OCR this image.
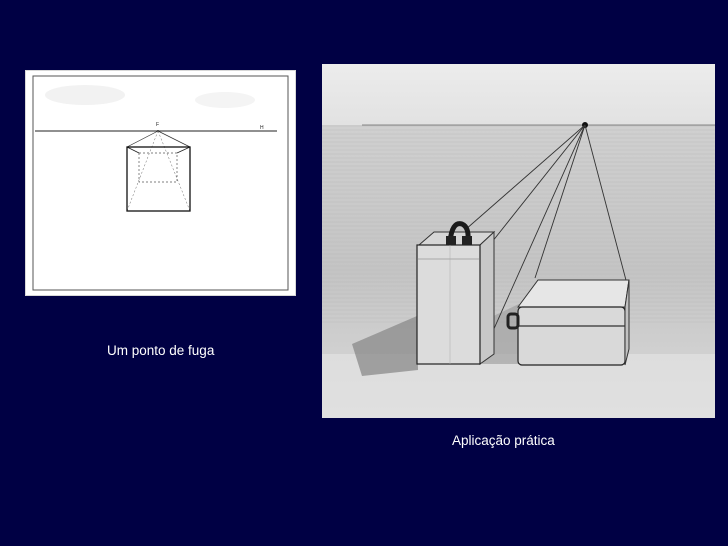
H
F
Um ponto de fuga
Aplicação prática
